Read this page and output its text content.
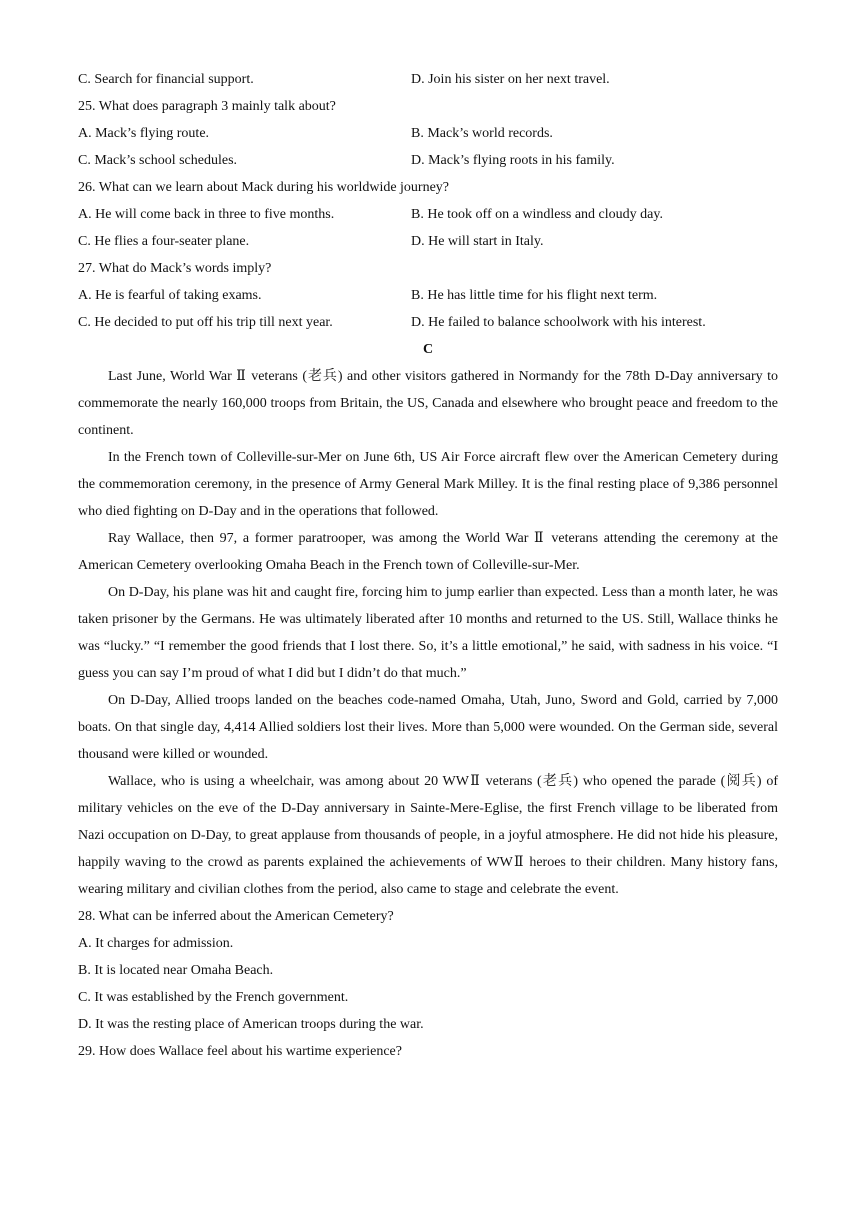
C. Search for financial support.	D. Join his sister on her next travel.
25. What does paragraph 3 mainly talk about?
A. Mack’s flying route.	B. Mack’s world records.
C. Mack’s school schedules.	D. Mack’s flying roots in his family.
26. What can we learn about Mack during his worldwide journey?
A. He will come back in three to five months.	B. He took off on a windless and cloudy day.
C. He flies a four-seater plane.	D. He will start in Italy.
27. What do Mack’s words imply?
A. He is fearful of taking exams.	B. He has little time for his flight next term.
C. He decided to put off his trip till next year.	D. He failed to balance schoolwork with his interest.
C

Last June, World War Ⅱ veterans (老兵) and other visitors gathered in Normandy for the 78th D-Day anniversary to commemorate the nearly 160,000 troops from Britain, the US, Canada and elsewhere who brought peace and freedom to the continent.

In the French town of Colleville-sur-Mer on June 6th, US Air Force aircraft flew over the American Cemetery during the commemoration ceremony, in the presence of Army General Mark Milley. It is the final resting place of 9,386 personnel who died fighting on D-Day and in the operations that followed.

Ray Wallace, then 97, a former paratrooper, was among the World War Ⅱ veterans attending the ceremony at the American Cemetery overlooking Omaha Beach in the French town of Colleville-sur-Mer.

On D-Day, his plane was hit and caught fire, forcing him to jump earlier than expected. Less than a month later, he was taken prisoner by the Germans. He was ultimately liberated after 10 months and returned to the US. Still, Wallace thinks he was “lucky.” “I remember the good friends that I lost there. So, it’s a little emotional,” he said, with sadness in his voice. “I guess you can say I’m proud of what I did but I didn’t do that much.”

On D-Day, Allied troops landed on the beaches code-named Omaha, Utah, Juno, Sword and Gold, carried by 7,000 boats. On that single day, 4,414 Allied soldiers lost their lives. More than 5,000 were wounded. On the German side, several thousand were killed or wounded.

Wallace, who is using a wheelchair, was among about 20 WWⅡ veterans (老兵) who opened the parade (阅兵) of military vehicles on the eve of the D-Day anniversary in Sainte-Mere-Eglise, the first French village to be liberated from Nazi occupation on D-Day, to great applause from thousands of people, in a joyful atmosphere. He did not hide his pleasure, happily waving to the crowd as parents explained the achievements of WWⅡ heroes to their children. Many history fans, wearing military and civilian clothes from the period, also came to stage and celebrate the event.

28. What can be inferred about the American Cemetery?
A. It charges for admission.
B. It is located near Omaha Beach.
C. It was established by the French government.
D. It was the resting place of American troops during the war.
29. How does Wallace feel about his wartime experience?
